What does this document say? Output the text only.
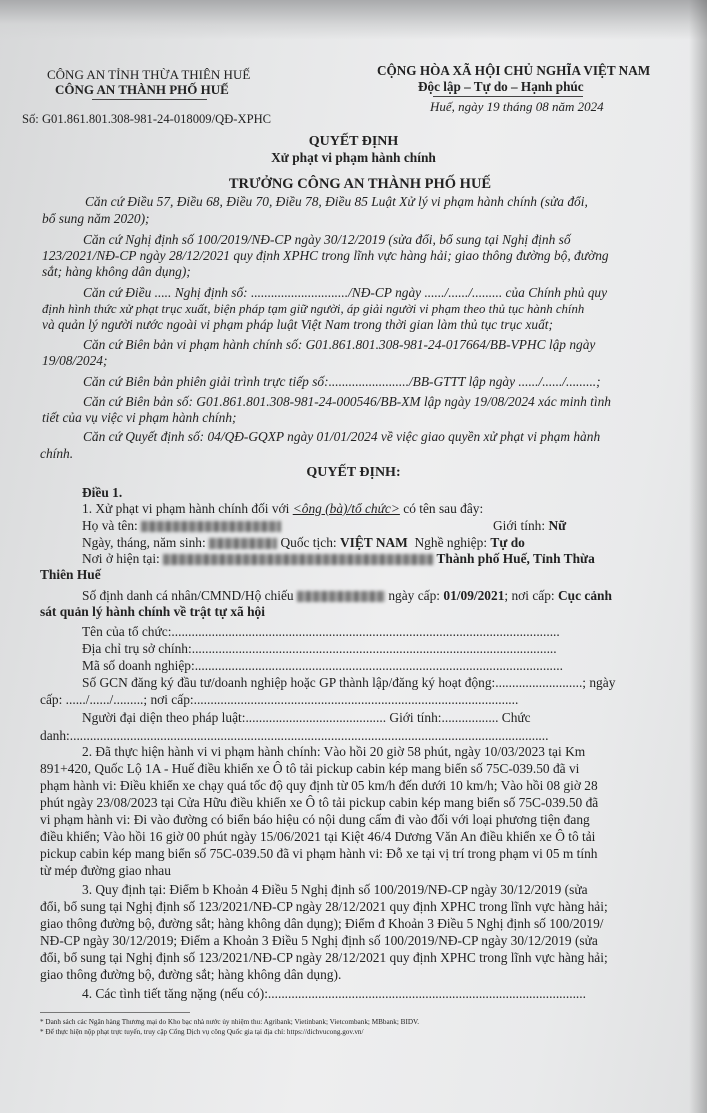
CÔNG AN TỈNH THỪA THIÊN HUẾ
CÔNG AN THÀNH PHỐ HUẾ
Số: G01.861.801.308-981-24-018009/QĐ-XPHC
CỘNG HÒA XÃ HỘI CHỦ NGHĨA VIỆT NAM
Độc lập – Tự do – Hạnh phúc
Huế, ngày 19 tháng 08 năm 2024
QUYẾT ĐỊNH
Xử phạt vi phạm hành chính
TRƯỞNG CÔNG AN THÀNH PHỐ HUẾ
Căn cứ Điều 57, Điều 68, Điều 70, Điều 78, Điều 85 Luật Xử lý vi phạm hành chính (sửa đổi,
bổ sung năm 2020);
Căn cứ Nghị định số 100/2019/NĐ-CP ngày 30/12/2019 (sửa đổi, bổ sung tại Nghị định số
123/2021/NĐ-CP ngày 28/12/2021 quy định XPHC trong lĩnh vực hàng hải; giao thông đường bộ, đường
sắt; hàng không dân dụng);
Căn cứ Điều ..... Nghị định số: ............................./NĐ-CP ngày ....../....../......... của Chính phủ quy
định hình thức xử phạt trục xuất, biện pháp tạm giữ người, áp giải người vi phạm theo thủ tục hành chính
và quản lý người nước ngoài vi phạm pháp luật Việt Nam trong thời gian làm thủ tục trục xuất;
Căn cứ Biên bản vi phạm hành chính số: G01.861.801.308-981-24-017664/BB-VPHC lập ngày
19/08/2024;
Căn cứ Biên bản phiên giải trình trực tiếp số:......................../BB-GTTT lập ngày ....../....../.........;
Căn cứ Biên bản số: G01.861.801.308-981-24-000546/BB-XM lập ngày 19/08/2024 xác minh tình
tiết của vụ việc vi phạm hành chính;
Căn cứ Quyết định số: 04/QĐ-GQXP ngày 01/01/2024 về việc giao quyền xử phạt vi phạm hành
chính.
QUYẾT ĐỊNH:
Điều 1.
1. Xử phạt vi phạm hành chính đối với <ông (bà)/tổ chức> có tên sau đây:
Họ và tên:	Giới tính: Nữ
Ngày, tháng, năm sinh:	Quốc tịch: VIỆT NAM Nghề nghiệp: Tự do
Nơi ở hiện tại:	Thành phố Huế, Tỉnh Thừa
Thiên Huế
Số định danh cá nhân/CMND/Hộ chiếu	ngày cấp: 01/09/2021; nơi cấp: Cục cảnh
sát quản lý hành chính về trật tự xã hội
Tên của tổ chức:....................................................................................................................
Địa chỉ trụ sở chính:.............................................................................................................
Mã số doanh nghiệp:..............................................................................................................
Số GCN đăng ký đầu tư/doanh nghiệp hoặc GP thành lập/đăng ký hoạt động:..........................; ngày
cấp: ....../....../.........; nơi cấp:.................................................................................................
Người đại diện theo pháp luật:.......................................... Giới tính:................. Chức
danh:...............................................................................................................................................
2. Đã thực hiện hành vi vi phạm hành chính: Vào hồi 20 giờ 58 phút, ngày 10/03/2023 tại Km
891+420, Quốc Lộ 1A - Huế điều khiển xe Ô tô tải pickup cabin kép mang biển số 75C-039.50 đã vi
phạm hành vi: Điều khiển xe chạy quá tốc độ quy định từ 05 km/h đến dưới 10 km/h; Vào hồi 08 giờ 28
phút ngày 23/08/2023 tại Cửa Hữu điều khiển xe Ô tô tải pickup cabin kép mang biển số 75C-039.50 đã
vi phạm hành vi: Đi vào đường có biển báo hiệu có nội dung cấm đi vào đối với loại phương tiện đang
điều khiển; Vào hồi 16 giờ 00 phút ngày 15/06/2021 tại Kiệt 46/4 Dương Văn An điều khiển xe Ô tô tải
pickup cabin kép mang biển số 75C-039.50 đã vi phạm hành vi: Đỗ xe tại vị trí trong phạm vi 05 m tính
từ mép đường giao nhau
3. Quy định tại: Điểm b Khoản 4 Điều 5 Nghị định số 100/2019/NĐ-CP ngày 30/12/2019 (sửa
đổi, bổ sung tại Nghị định số 123/2021/NĐ-CP ngày 28/12/2021 quy định XPHC trong lĩnh vực hàng hải;
giao thông đường bộ, đường sắt; hàng không dân dụng); Điểm đ Khoản 3 Điều 5 Nghị định số 100/2019/
NĐ-CP ngày 30/12/2019; Điểm a Khoản 3 Điều 5 Nghị định số 100/2019/NĐ-CP ngày 30/12/2019 (sửa
đổi, bổ sung tại Nghị định số 123/2021/NĐ-CP ngày 28/12/2021 quy định XPHC trong lĩnh vực hàng hải;
giao thông đường bộ, đường sắt; hàng không dân dụng).
4. Các tình tiết tăng nặng (nếu có):...............................................................................................
* Danh sách các Ngân hàng Thương mại do Kho bạc nhà nước ủy nhiệm thu: Agribank; Vietinbank; Vietcombank; MBbank; BIDV.
* Để thực hiện nộp phạt trực tuyến, truy cập Cổng Dịch vụ công Quốc gia tại địa chỉ: https://dichvucong.gov.vn/
